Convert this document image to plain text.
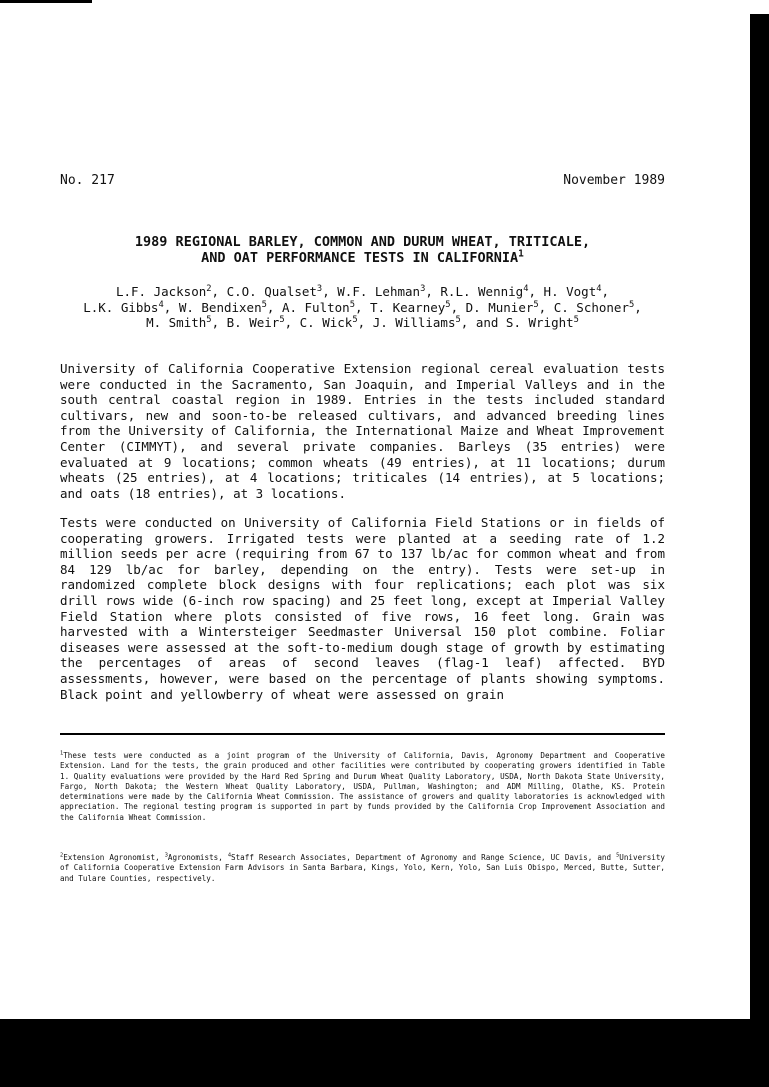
No. 217	November 1989
1989 REGIONAL BARLEY, COMMON AND DURUM WHEAT, TRITICALE,
AND OAT PERFORMANCE TESTS IN CALIFORNIA$^1$
L.F. Jackson$^2$, C.O. Qualset$^3$, W.F. Lehman$^3$, R.L. Wennig$^4$, H. Vogt$^4$,
L.K. Gibbs$^4$, W. Bendixen$^5$, A. Fulton$^5$, T. Kearney$^5$, D. Munier$^5$, C. Schoner$^5$,
M. Smith$^5$, B. Weir$^5$, C. Wick$^5$, J. Williams$^5$, and S. Wright$^5$

University of California Cooperative Extension regional cereal evaluation tests were conducted in the Sacramento, San Joaquin, and Imperial Valleys and in the south central coastal region in 1989. Entries in the tests included standard cultivars, new and soon-to-be released cultivars, and advanced breeding lines from the University of California, the International Maize and Wheat Improvement Center (CIMMYT), and several private companies. Barleys (35 entries) were evaluated at 9 locations; common wheats (49 entries), at 11 locations; durum wheats (25 entries), at 4 locations; triticales (14 entries), at 5 locations; and oats (18 entries), at 3 locations.

Tests were conducted on University of California Field Stations or in fields of cooperating growers. Irrigated tests were planted at a seeding rate of 1.2 million seeds per acre (requiring from 67 to 137 lb/ac for common wheat and from 84 129 lb/ac for barley, depending on the entry). Tests were set-up in randomized complete block designs with four replications; each plot was six drill rows wide (6-inch row spacing) and 25 feet long, except at Imperial Valley Field Station where plots consisted of five rows, 16 feet long. Grain was harvested with a Wintersteiger Seedmaster Universal 150 plot combine. Foliar diseases were assessed at the soft-to-medium dough stage of growth by estimating the percentages of areas of second leaves (flag-1 leaf) affected. BYD assessments, however, were based on the percentage of plants showing symptoms. Black point and yellowberry of wheat were assessed on grain

$^1$These tests were conducted as a joint program of the University of California, Davis, Agronomy Department and Cooperative Extension. Land for the tests, the grain produced and other facilities were contributed by cooperating growers identified in Table 1. Quality evaluations were provided by the Hard Red Spring and Durum Wheat Quality Laboratory, USDA, North Dakota State University, Fargo, North Dakota; the Western Wheat Quality Laboratory, USDA, Pullman, Washington; and ADM Milling, Olathe, KS. Protein determinations were made by the California Wheat Commission. The assistance of growers and quality laboratories is acknowledged with appreciation. The regional testing program is supported in part by funds provided by the California Crop Improvement Association and the California Wheat Commission.

$^2$Extension Agronomist, $^3$Agronomists, $^4$Staff Research Associates, Department of Agronomy and Range Science, UC Davis, and $^5$University of California Cooperative Extension Farm Advisors in Santa Barbara, Kings, Yolo, Kern, Yolo, San Luis Obispo, Merced, Butte, Sutter, and Tulare Counties, respectively.
